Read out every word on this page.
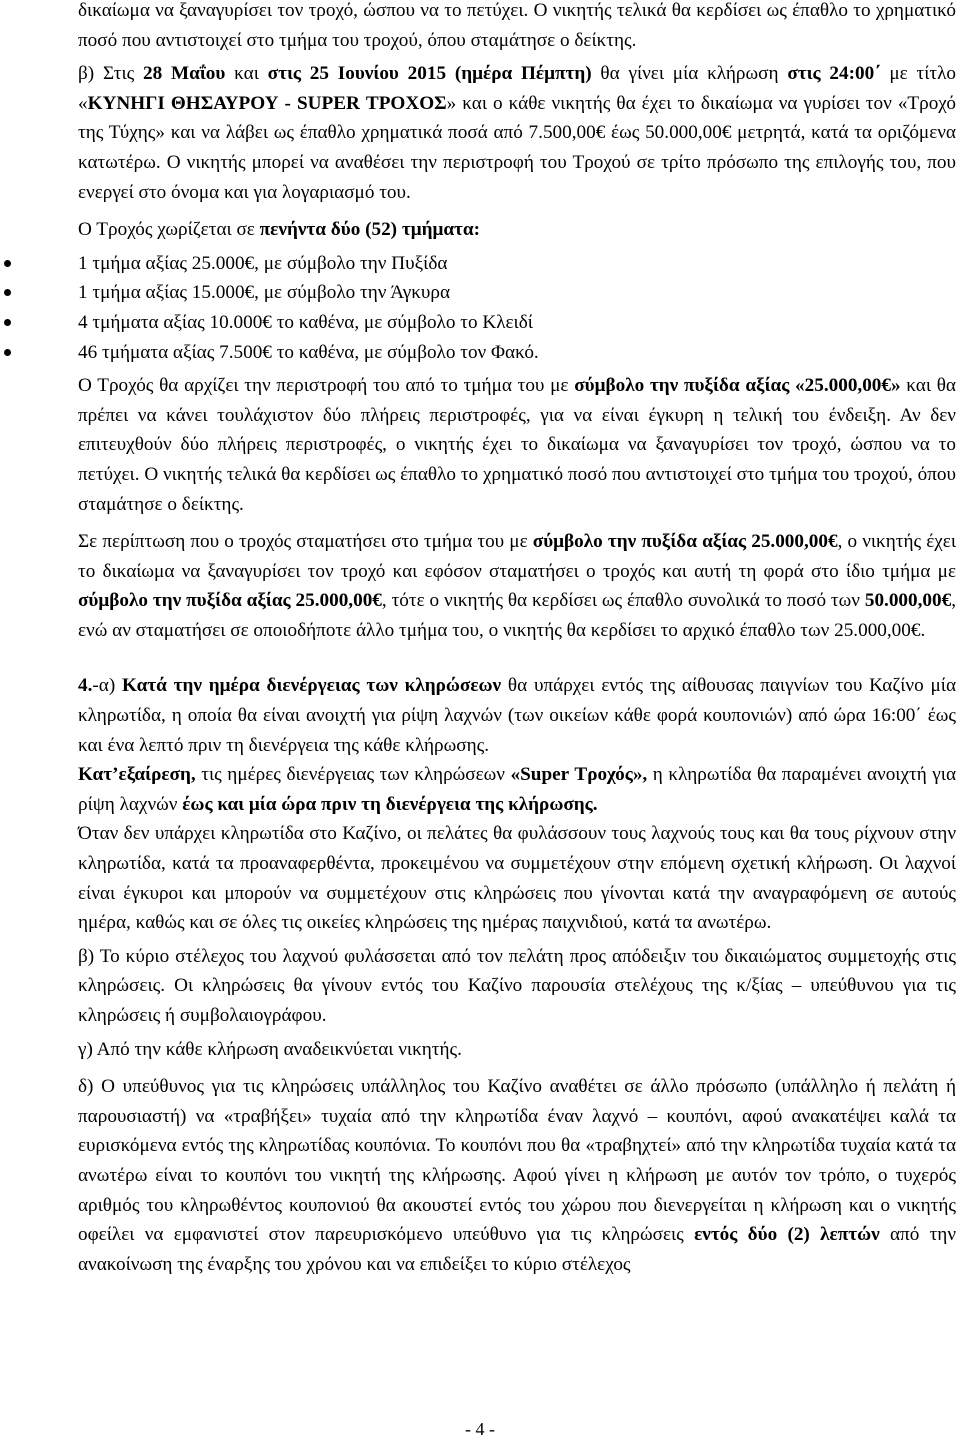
δικαίωμα να ξαναγυρίσει τον τροχό, ώσπου να το πετύχει. Ο νικητής τελικά θα κερδίσει ως έπαθλο το χρηματικό ποσό που αντιστοιχεί στο τμήμα του τροχού, όπου σταμάτησε ο δείκτης.

β) Στις 28 Μαΐου και στις 25 Ιουνίου 2015 (ημέρα Πέμπτη) θα γίνει μία κλήρωση στις 24:00΄ με τίτλο «ΚΥΝΗΓΙ ΘΗΣΑΥΡΟΥ - SUPER ΤΡΟΧΟΣ» και ο κάθε νικητής θα έχει το δικαίωμα να γυρίσει τον «Τροχό της Τύχης» και να λάβει ως έπαθλο χρηματικά ποσά από 7.500,00€ έως 50.000,00€ μετρητά, κατά τα οριζόμενα κατωτέρω. Ο νικητής μπορεί να αναθέσει την περιστροφή του Τροχού σε τρίτο πρόσωπο της επιλογής του, που ενεργεί στο όνομα και για λογαριασμό του.

Ο Τροχός χωρίζεται σε πενήντα δύο (52) τμήματα:

1 τμήμα αξίας 25.000€, με σύμβολο την Πυξίδα
1 τμήμα αξίας 15.000€, με σύμβολο την Άγκυρα
4 τμήματα αξίας 10.000€ το καθένα, με σύμβολο το Κλειδί
46 τμήματα αξίας 7.500€ το καθένα, με σύμβολο τον Φακό.

Ο Τροχός θα αρχίζει την περιστροφή του από το τμήμα του με σύμβολο την πυξίδα αξίας «25.000,00€» και θα πρέπει να κάνει τουλάχιστον δύο πλήρεις περιστροφές, για να είναι έγκυρη η τελική του ένδειξη. Αν δεν επιτευχθούν δύο πλήρεις περιστροφές, ο νικητής έχει το δικαίωμα να ξαναγυρίσει τον τροχό, ώσπου να το πετύχει. Ο νικητής τελικά θα κερδίσει ως έπαθλο το χρηματικό ποσό που αντιστοιχεί στο τμήμα του τροχού, όπου σταμάτησε ο δείκτης.

Σε περίπτωση που ο τροχός σταματήσει στο τμήμα του με σύμβολο την πυξίδα αξίας 25.000,00€, ο νικητής έχει το δικαίωμα να ξαναγυρίσει τον τροχό και εφόσον σταματήσει ο τροχός και αυτή τη φορά στο ίδιο τμήμα με σύμβολο την πυξίδα αξίας 25.000,00€, τότε ο νικητής θα κερδίσει ως έπαθλο συνολικά το ποσό των 50.000,00€, ενώ αν σταματήσει σε οποιοδήποτε άλλο τμήμα του, ο νικητής θα κερδίσει το αρχικό έπαθλο των 25.000,00€.

4.-α) Κατά την ημέρα διενέργειας των κληρώσεων θα υπάρχει εντός της αίθουσας παιγνίων του Καζίνο μία κληρωτίδα, η οποία θα είναι ανοιχτή για ρίψη λαχνών (των οικείων κάθε φορά κουπονιών) από ώρα 16:00΄ έως και ένα λεπτό πριν τη διενέργεια της κάθε κλήρωσης.

Κατ’εξαίρεση, τις ημέρες διενέργειας των κληρώσεων «Super Τροχός», η κληρωτίδα θα παραμένει ανοιχτή για ρίψη λαχνών έως και μία ώρα πριν τη διενέργεια της κλήρωσης.

Όταν δεν υπάρχει κληρωτίδα στο Καζίνο, οι πελάτες θα φυλάσσουν τους λαχνούς τους και θα τους ρίχνουν στην κληρωτίδα, κατά τα προαναφερθέντα, προκειμένου να συμμετέχουν στην επόμενη σχετική κλήρωση. Οι λαχνοί είναι έγκυροι και μπορούν να συμμετέχουν στις κληρώσεις που γίνονται κατά την αναγραφόμενη σε αυτούς ημέρα, καθώς και σε όλες τις οικείες κληρώσεις της ημέρας παιχνιδιού, κατά τα ανωτέρω.

β) Το κύριο στέλεχος του λαχνού φυλάσσεται από τον πελάτη προς απόδειξιν του δικαιώματος συμμετοχής στις κληρώσεις. Οι κληρώσεις θα γίνουν εντός του Καζίνο παρουσία στελέχους της κ/ξίας – υπεύθυνου για τις κληρώσεις ή συμβολαιογράφου.

γ) Από την κάθε κλήρωση αναδεικνύεται νικητής.

δ) Ο υπεύθυνος για τις κληρώσεις υπάλληλος του Καζίνο αναθέτει σε άλλο πρόσωπο (υπάλληλο ή πελάτη ή παρουσιαστή) να «τραβήξει» τυχαία από την κληρωτίδα έναν λαχνό – κουπόνι, αφού ανακατέψει καλά τα ευρισκόμενα εντός της κληρωτίδας κουπόνια. Το κουπόνι που θα «τραβηχτεί» από την κληρωτίδα τυχαία κατά τα ανωτέρω είναι το κουπόνι του νικητή της κλήρωσης. Αφού γίνει η κλήρωση με αυτόν τον τρόπο, ο τυχερός αριθμός του κληρωθέντος κουπονιού θα ακουστεί εντός του χώρου που διενεργείται η κλήρωση και ο νικητής οφείλει να εμφανιστεί στον παρευρισκόμενο υπεύθυνο για τις κληρώσεις εντός δύο (2) λεπτών από την ανακοίνωση της έναρξης του χρόνου και να επιδείξει το κύριο στέλεχος

- 4 -
